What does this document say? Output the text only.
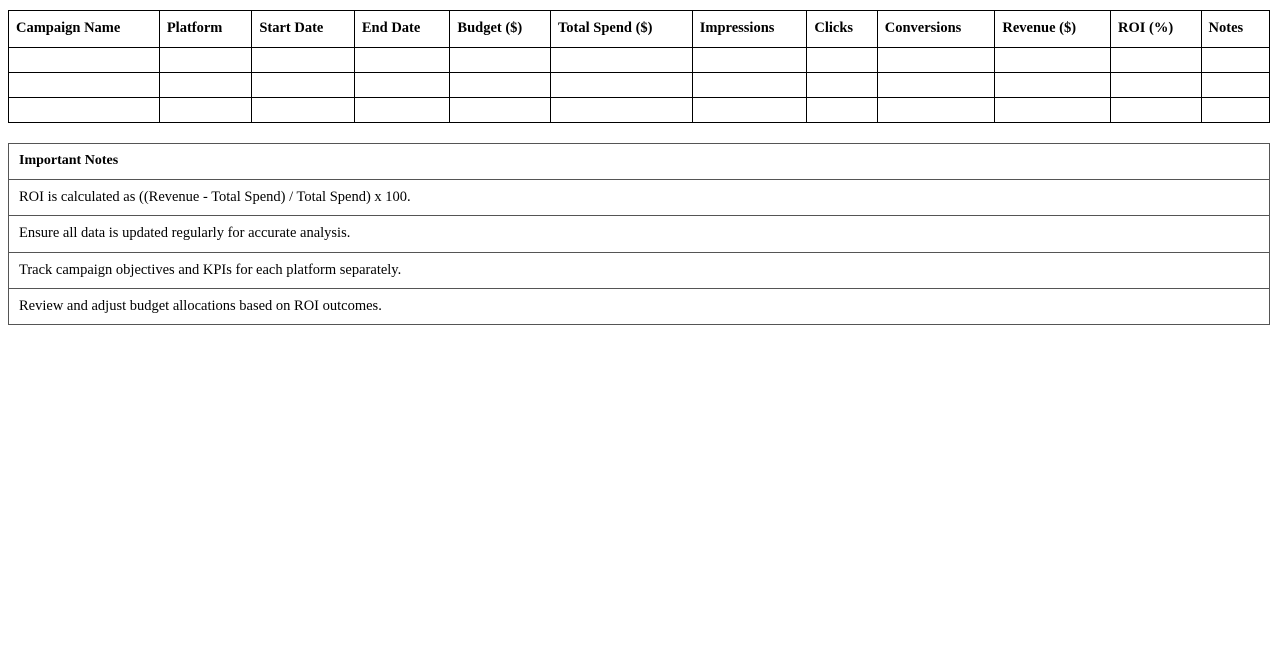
Campaign Name	Platform	Start Date	End Date	Budget ($)	Total Spend ($)	Impressions	Clicks	Conversions	Revenue ($)	ROI (%)	Notes

Important Notes
ROI is calculated as ((Revenue - Total Spend) / Total Spend) x 100.
Ensure all data is updated regularly for accurate analysis.
Track campaign objectives and KPIs for each platform separately.
Review and adjust budget allocations based on ROI outcomes.
